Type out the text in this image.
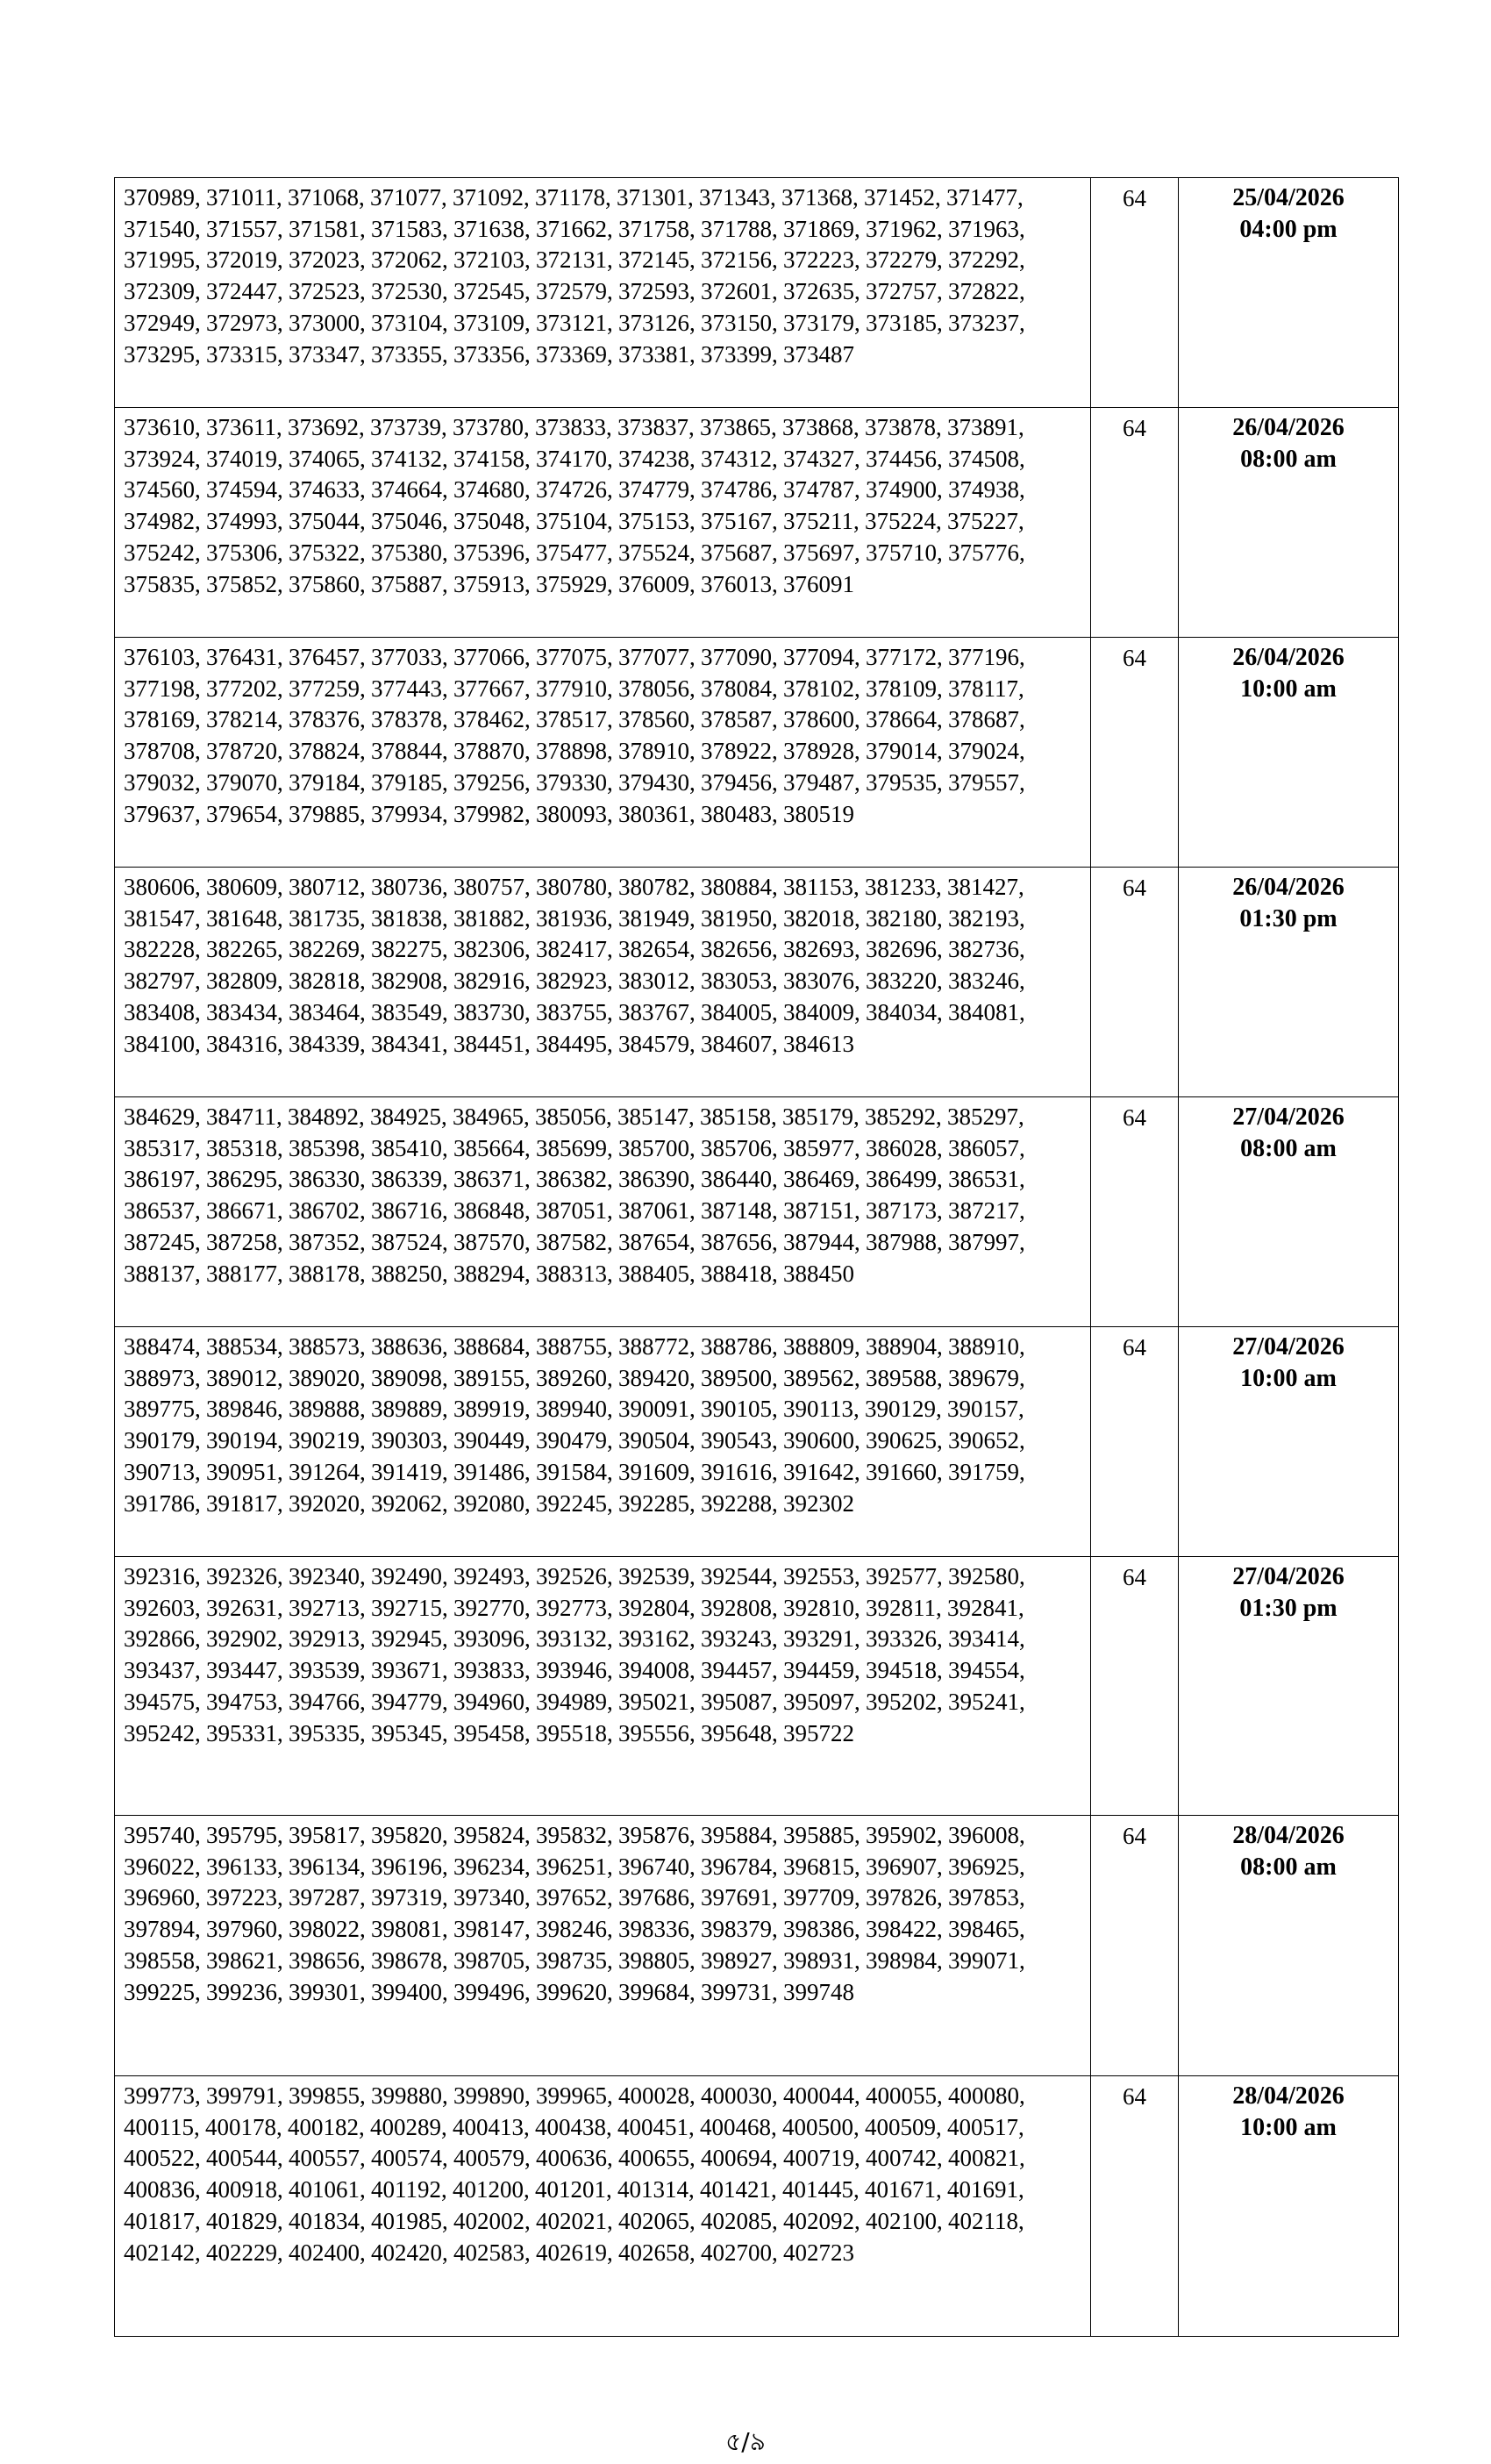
370989, 371011, 371068, 371077, 371092, 371178, 371301, 371343, 371368, 371452, 371477, 371540, 371557, 371581, 371583, 371638, 371662, 371758, 371788, 371869, 371962, 371963, 371995, 372019, 372023, 372062, 372103, 372131, 372145, 372156, 372223, 372279, 372292, 372309, 372447, 372523, 372530, 372545, 372579, 372593, 372601, 372635, 372757, 372822, 372949, 372973, 373000, 373104, 373109, 373121, 373126, 373150, 373179, 373185, 373237, 373295, 373315, 373347, 373355, 373356, 373369, 373381, 373399, 373487	64	25/04/2026
04:00 pm

373610, 373611, 373692, 373739, 373780, 373833, 373837, 373865, 373868, 373878, 373891, 373924, 374019, 374065, 374132, 374158, 374170, 374238, 374312, 374327, 374456, 374508, 374560, 374594, 374633, 374664, 374680, 374726, 374779, 374786, 374787, 374900, 374938, 374982, 374993, 375044, 375046, 375048, 375104, 375153, 375167, 375211, 375224, 375227, 375242, 375306, 375322, 375380, 375396, 375477, 375524, 375687, 375697, 375710, 375776, 375835, 375852, 375860, 375887, 375913, 375929, 376009, 376013, 376091	64	26/04/2026
08:00 am

376103, 376431, 376457, 377033, 377066, 377075, 377077, 377090, 377094, 377172, 377196, 377198, 377202, 377259, 377443, 377667, 377910, 378056, 378084, 378102, 378109, 378117, 378169, 378214, 378376, 378378, 378462, 378517, 378560, 378587, 378600, 378664, 378687, 378708, 378720, 378824, 378844, 378870, 378898, 378910, 378922, 378928, 379014, 379024, 379032, 379070, 379184, 379185, 379256, 379330, 379430, 379456, 379487, 379535, 379557, 379637, 379654, 379885, 379934, 379982, 380093, 380361, 380483, 380519	64	26/04/2026
10:00 am

380606, 380609, 380712, 380736, 380757, 380780, 380782, 380884, 381153, 381233, 381427, 381547, 381648, 381735, 381838, 381882, 381936, 381949, 381950, 382018, 382180, 382193, 382228, 382265, 382269, 382275, 382306, 382417, 382654, 382656, 382693, 382696, 382736, 382797, 382809, 382818, 382908, 382916, 382923, 383012, 383053, 383076, 383220, 383246, 383408, 383434, 383464, 383549, 383730, 383755, 383767, 384005, 384009, 384034, 384081, 384100, 384316, 384339, 384341, 384451, 384495, 384579, 384607, 384613	64	26/04/2026
01:30 pm

384629, 384711, 384892, 384925, 384965, 385056, 385147, 385158, 385179, 385292, 385297, 385317, 385318, 385398, 385410, 385664, 385699, 385700, 385706, 385977, 386028, 386057, 386197, 386295, 386330, 386339, 386371, 386382, 386390, 386440, 386469, 386499, 386531, 386537, 386671, 386702, 386716, 386848, 387051, 387061, 387148, 387151, 387173, 387217, 387245, 387258, 387352, 387524, 387570, 387582, 387654, 387656, 387944, 387988, 387997, 388137, 388177, 388178, 388250, 388294, 388313, 388405, 388418, 388450	64	27/04/2026
08:00 am

388474, 388534, 388573, 388636, 388684, 388755, 388772, 388786, 388809, 388904, 388910, 388973, 389012, 389020, 389098, 389155, 389260, 389420, 389500, 389562, 389588, 389679, 389775, 389846, 389888, 389889, 389919, 389940, 390091, 390105, 390113, 390129, 390157, 390179, 390194, 390219, 390303, 390449, 390479, 390504, 390543, 390600, 390625, 390652, 390713, 390951, 391264, 391419, 391486, 391584, 391609, 391616, 391642, 391660, 391759, 391786, 391817, 392020, 392062, 392080, 392245, 392285, 392288, 392302	64	27/04/2026
10:00 am

392316, 392326, 392340, 392490, 392493, 392526, 392539, 392544, 392553, 392577, 392580, 392603, 392631, 392713, 392715, 392770, 392773, 392804, 392808, 392810, 392811, 392841, 392866, 392902, 392913, 392945, 393096, 393132, 393162, 393243, 393291, 393326, 393414, 393437, 393447, 393539, 393671, 393833, 393946, 394008, 394457, 394459, 394518, 394554, 394575, 394753, 394766, 394779, 394960, 394989, 395021, 395087, 395097, 395202, 395241, 395242, 395331, 395335, 395345, 395458, 395518, 395556, 395648, 395722	64	27/04/2026
01:30 pm

395740, 395795, 395817, 395820, 395824, 395832, 395876, 395884, 395885, 395902, 396008, 396022, 396133, 396134, 396196, 396234, 396251, 396740, 396784, 396815, 396907, 396925, 396960, 397223, 397287, 397319, 397340, 397652, 397686, 397691, 397709, 397826, 397853, 397894, 397960, 398022, 398081, 398147, 398246, 398336, 398379, 398386, 398422, 398465, 398558, 398621, 398656, 398678, 398705, 398735, 398805, 398927, 398931, 398984, 399071, 399225, 399236, 399301, 399400, 399496, 399620, 399684, 399731, 399748	64	28/04/2026
08:00 am

399773, 399791, 399855, 399880, 399890, 399965, 400028, 400030, 400044, 400055, 400080, 400115, 400178, 400182, 400289, 400413, 400438, 400451, 400468, 400500, 400509, 400517, 400522, 400544, 400557, 400574, 400579, 400636, 400655, 400694, 400719, 400742, 400821, 400836, 400918, 401061, 401192, 401200, 401201, 401314, 401421, 401445, 401671, 401691, 401817, 401829, 401834, 401985, 402002, 402021, 402065, 402085, 402092, 402100, 402118, 402142, 402229, 402400, 402420, 402583, 402619, 402658, 402700, 402723	64	28/04/2026
10:00 am
৫/৯
